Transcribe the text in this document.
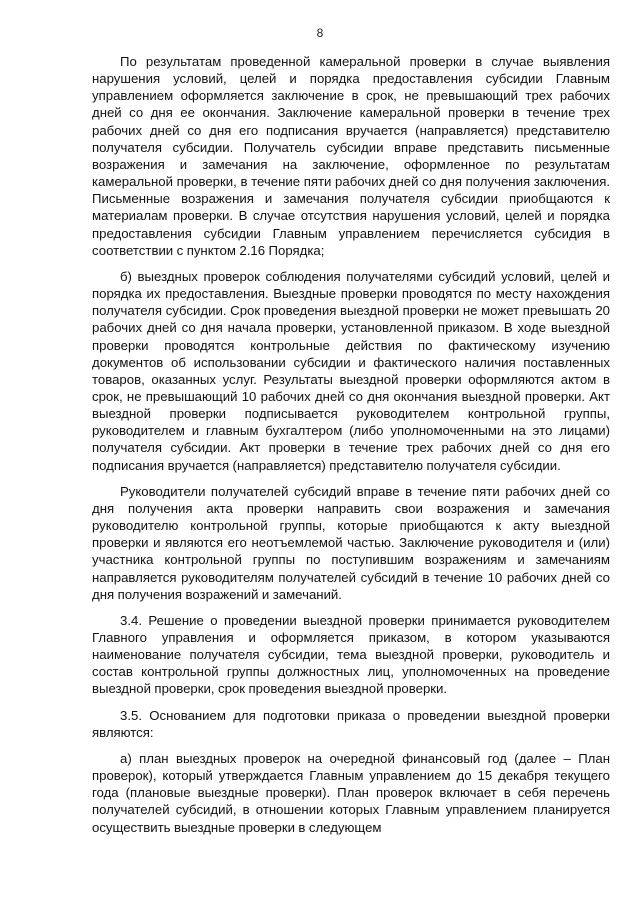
8

По результатам проведенной камеральной проверки в случае выявления нарушения условий, целей и порядка предоставления субсидии Главным управлением оформляется заключение в срок, не превышающий трех рабочих дней со дня ее окончания. Заключение камеральной проверки в течение трех рабочих дней со дня его подписания вручается (направляется) представителю получателя субсидии. Получатель субсидии вправе представить письменные возражения и замечания на заключение, оформленное по результатам камеральной проверки, в течение пяти рабочих дней со дня получения заключения. Письменные возражения и замечания получателя субсидии приобщаются к материалам проверки. В случае отсутствия нарушения условий, целей и порядка предоставления субсидии Главным управлением перечисляется субсидия в соответствии с пунктом 2.16 Порядка;

б) выездных проверок соблюдения получателями субсидий условий, целей и порядка их предоставления. Выездные проверки проводятся по месту нахождения получателя субсидии. Срок проведения выездной проверки не может превышать 20 рабочих дней со дня начала проверки, установленной приказом. В ходе выездной проверки проводятся контрольные действия по фактическому изучению документов об использовании субсидии и фактического наличия поставленных товаров, оказанных услуг. Результаты выездной проверки оформляются актом в срок, не превышающий 10 рабочих дней со дня окончания выездной проверки. Акт выездной проверки подписывается руководителем контрольной группы, руководителем и главным бухгалтером (либо уполномоченными на это лицами) получателя субсидии. Акт проверки в течение трех рабочих дней со дня его подписания вручается (направляется) представителю получателя субсидии.

Руководители получателей субсидий вправе в течение пяти рабочих дней со дня получения акта проверки направить свои возражения и замечания руководителю контрольной группы, которые приобщаются к акту выездной проверки и являются его неотъемлемой частью. Заключение руководителя и (или) участника контрольной группы по поступившим возражениям и замечаниям направляется руководителям получателей субсидий в течение 10 рабочих дней со дня получения возражений и замечаний.

3.4. Решение о проведении выездной проверки принимается руководителем Главного управления и оформляется приказом, в котором указываются наименование получателя субсидии, тема выездной проверки, руководитель и состав контрольной группы должностных лиц, уполномоченных на проведение выездной проверки, срок проведения выездной проверки.

3.5. Основанием для подготовки приказа о проведении выездной проверки являются:

а) план выездных проверок на очередной финансовый год (далее – План проверок), который утверждается Главным управлением до 15 декабря текущего года (плановые выездные проверки). План проверок включает в себя перечень получателей субсидий, в отношении которых Главным управлением планируется осуществить выездные проверки в следующем
